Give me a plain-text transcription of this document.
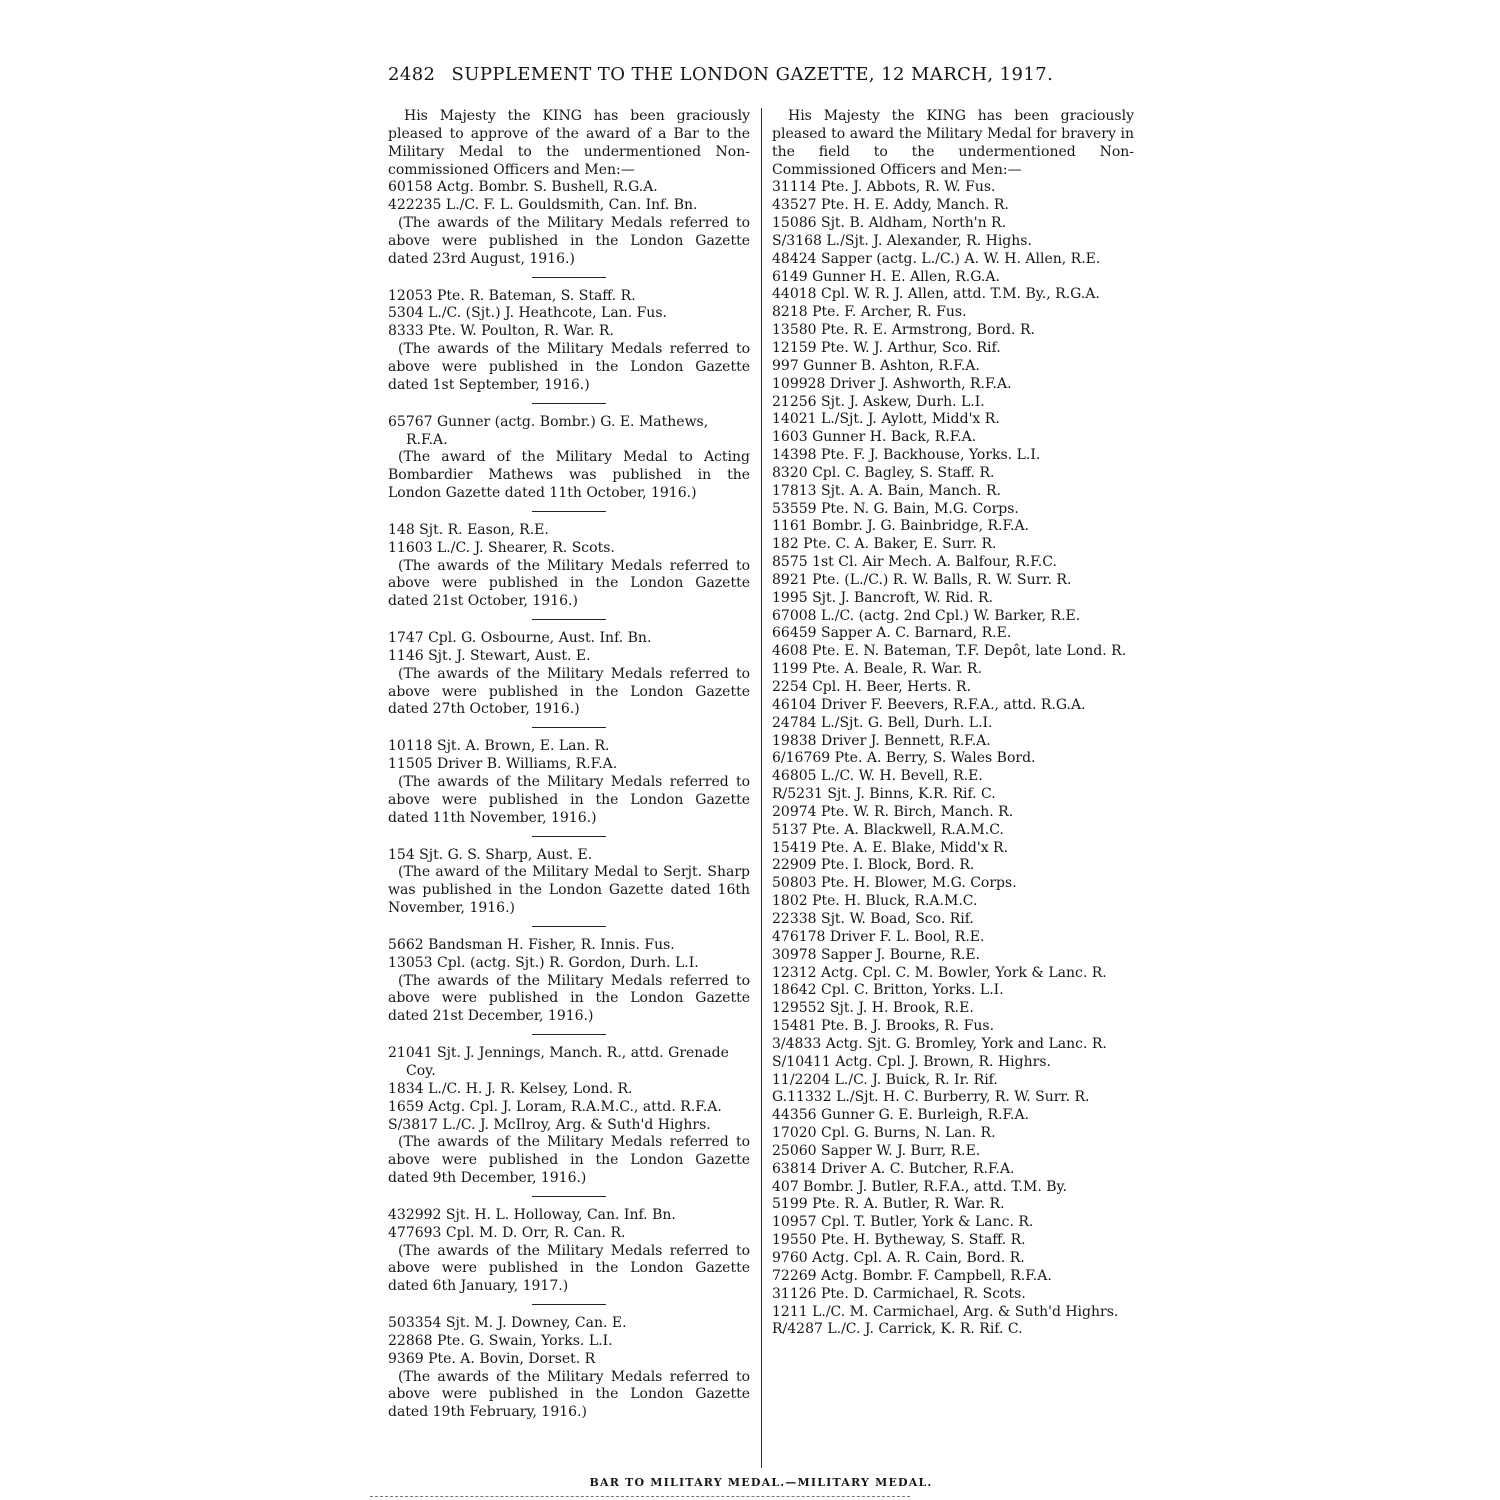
2482 SUPPLEMENT TO THE LONDON GAZETTE, 12 MARCH, 1917.

His Majesty the KING has been graciously pleased to approve of the award of a Bar to the Military Medal to the undermentioned Non-commissioned Officers and Men:—

60158 Actg. Bombr. S. Bushell, R.G.A.

422235 L./C. F. L. Gouldsmith, Can. Inf. Bn.

(The awards of the Military Medals referred to above were published in the London Gazette dated 23rd August, 1916.)

12053 Pte. R. Bateman, S. Staff. R.

5304 L./C. (Sjt.) J. Heathcote, Lan. Fus.

8333 Pte. W. Poulton, R. War. R.

(The awards of the Military Medals referred to above were published in the London Gazette dated 1st September, 1916.)

65767 Gunner (actg. Bombr.) G. E. Mathews, R.F.A.

(The award of the Military Medal to Acting Bombardier Mathews was published in the London Gazette dated 11th October, 1916.)

148 Sjt. R. Eason, R.E.

11603 L./C. J. Shearer, R. Scots.

(The awards of the Military Medals referred to above were published in the London Gazette dated 21st October, 1916.)

1747 Cpl. G. Osbourne, Aust. Inf. Bn.

1146 Sjt. J. Stewart, Aust. E.

(The awards of the Military Medals referred to above were published in the London Gazette dated 27th October, 1916.)

10118 Sjt. A. Brown, E. Lan. R.

11505 Driver B. Williams, R.F.A.

(The awards of the Military Medals referred to above were published in the London Gazette dated 11th November, 1916.)

154 Sjt. G. S. Sharp, Aust. E.

(The award of the Military Medal to Serjt. Sharp was published in the London Gazette dated 16th November, 1916.)

5662 Bandsman H. Fisher, R. Innis. Fus.

13053 Cpl. (actg. Sjt.) R. Gordon, Durh. L.I.

(The awards of the Military Medals referred to above were published in the London Gazette dated 21st December, 1916.)

21041 Sjt. J. Jennings, Manch. R., attd. Grenade Coy.

1834 L./C. H. J. R. Kelsey, Lond. R.

1659 Actg. Cpl. J. Loram, R.A.M.C., attd. R.F.A.

S/3817 L./C. J. McIlroy, Arg. & Suth'd Highrs.

(The awards of the Military Medals referred to above were published in the London Gazette dated 9th December, 1916.)

432992 Sjt. H. L. Holloway, Can. Inf. Bn.

477693 Cpl. M. D. Orr, R. Can. R.

(The awards of the Military Medals referred to above were published in the London Gazette dated 6th January, 1917.)

503354 Sjt. M. J. Downey, Can. E.

22868 Pte. G. Swain, Yorks. L.I.

9369 Pte. A. Bovin, Dorset. R

(The awards of the Military Medals referred to above were published in the London Gazette dated 19th February, 1916.)

His Majesty the KING has been graciously pleased to award the Military Medal for bravery in the field to the undermentioned Non-Commissioned Officers and Men:—

31114 Pte. J. Abbots, R. W. Fus.

43527 Pte. H. E. Addy, Manch. R.

15086 Sjt. B. Aldham, North'n R.

S/3168 L./Sjt. J. Alexander, R. Highs.

48424 Sapper (actg. L./C.) A. W. H. Allen, R.E.

6149 Gunner H. E. Allen, R.G.A.

44018 Cpl. W. R. J. Allen, attd. T.M. By., R.G.A.

8218 Pte. F. Archer, R. Fus.

13580 Pte. R. E. Armstrong, Bord. R.

12159 Pte. W. J. Arthur, Sco. Rif.

997 Gunner B. Ashton, R.F.A.

109928 Driver J. Ashworth, R.F.A.

21256 Sjt. J. Askew, Durh. L.I.

14021 L./Sjt. J. Aylott, Midd'x R.

1603 Gunner H. Back, R.F.A.

14398 Pte. F. J. Backhouse, Yorks. L.I.

8320 Cpl. C. Bagley, S. Staff. R.

17813 Sjt. A. A. Bain, Manch. R.

53559 Pte. N. G. Bain, M.G. Corps.

1161 Bombr. J. G. Bainbridge, R.F.A.

182 Pte. C. A. Baker, E. Surr. R.

8575 1st Cl. Air Mech. A. Balfour, R.F.C.

8921 Pte. (L./C.) R. W. Balls, R. W. Surr. R.

1995 Sjt. J. Bancroft, W. Rid. R.

67008 L./C. (actg. 2nd Cpl.) W. Barker, R.E.

66459 Sapper A. C. Barnard, R.E.

4608 Pte. E. N. Bateman, T.F. Depôt, late Lond. R.

1199 Pte. A. Beale, R. War. R.

2254 Cpl. H. Beer, Herts. R.

46104 Driver F. Beevers, R.F.A., attd. R.G.A.

24784 L./Sjt. G. Bell, Durh. L.I.

19838 Driver J. Bennett, R.F.A.

6/16769 Pte. A. Berry, S. Wales Bord.

46805 L./C. W. H. Bevell, R.E.

R/5231 Sjt. J. Binns, K.R. Rif. C.

20974 Pte. W. R. Birch, Manch. R.

5137 Pte. A. Blackwell, R.A.M.C.

15419 Pte. A. E. Blake, Midd'x R.

22909 Pte. I. Block, Bord. R.

50803 Pte. H. Blower, M.G. Corps.

1802 Pte. H. Bluck, R.A.M.C.

22338 Sjt. W. Boad, Sco. Rif.

476178 Driver F. L. Bool, R.E.

30978 Sapper J. Bourne, R.E.

12312 Actg. Cpl. C. M. Bowler, York & Lanc. R.

18642 Cpl. C. Britton, Yorks. L.I.

129552 Sjt. J. H. Brook, R.E.

15481 Pte. B. J. Brooks, R. Fus.

3/4833 Actg. Sjt. G. Bromley, York and Lanc. R.

S/10411 Actg. Cpl. J. Brown, R. Highrs.

11/2204 L./C. J. Buick, R. Ir. Rif.

G.11332 L./Sjt. H. C. Burberry, R. W. Surr. R.

44356 Gunner G. E. Burleigh, R.F.A.

17020 Cpl. G. Burns, N. Lan. R.

25060 Sapper W. J. Burr, R.E.

63814 Driver A. C. Butcher, R.F.A.

407 Bombr. J. Butler, R.F.A., attd. T.M. By.

5199 Pte. R. A. Butler, R. War. R.

10957 Cpl. T. Butler, York & Lanc. R.

19550 Pte. H. Bytheway, S. Staff. R.

9760 Actg. Cpl. A. R. Cain, Bord. R.

72269 Actg. Bombr. F. Campbell, R.F.A.

31126 Pte. D. Carmichael, R. Scots.

1211 L./C. M. Carmichael, Arg. & Suth'd Highrs.

R/4287 L./C. J. Carrick, K. R. Rif. C.

BAR TO MILITARY MEDAL.—MILITARY MEDAL.
